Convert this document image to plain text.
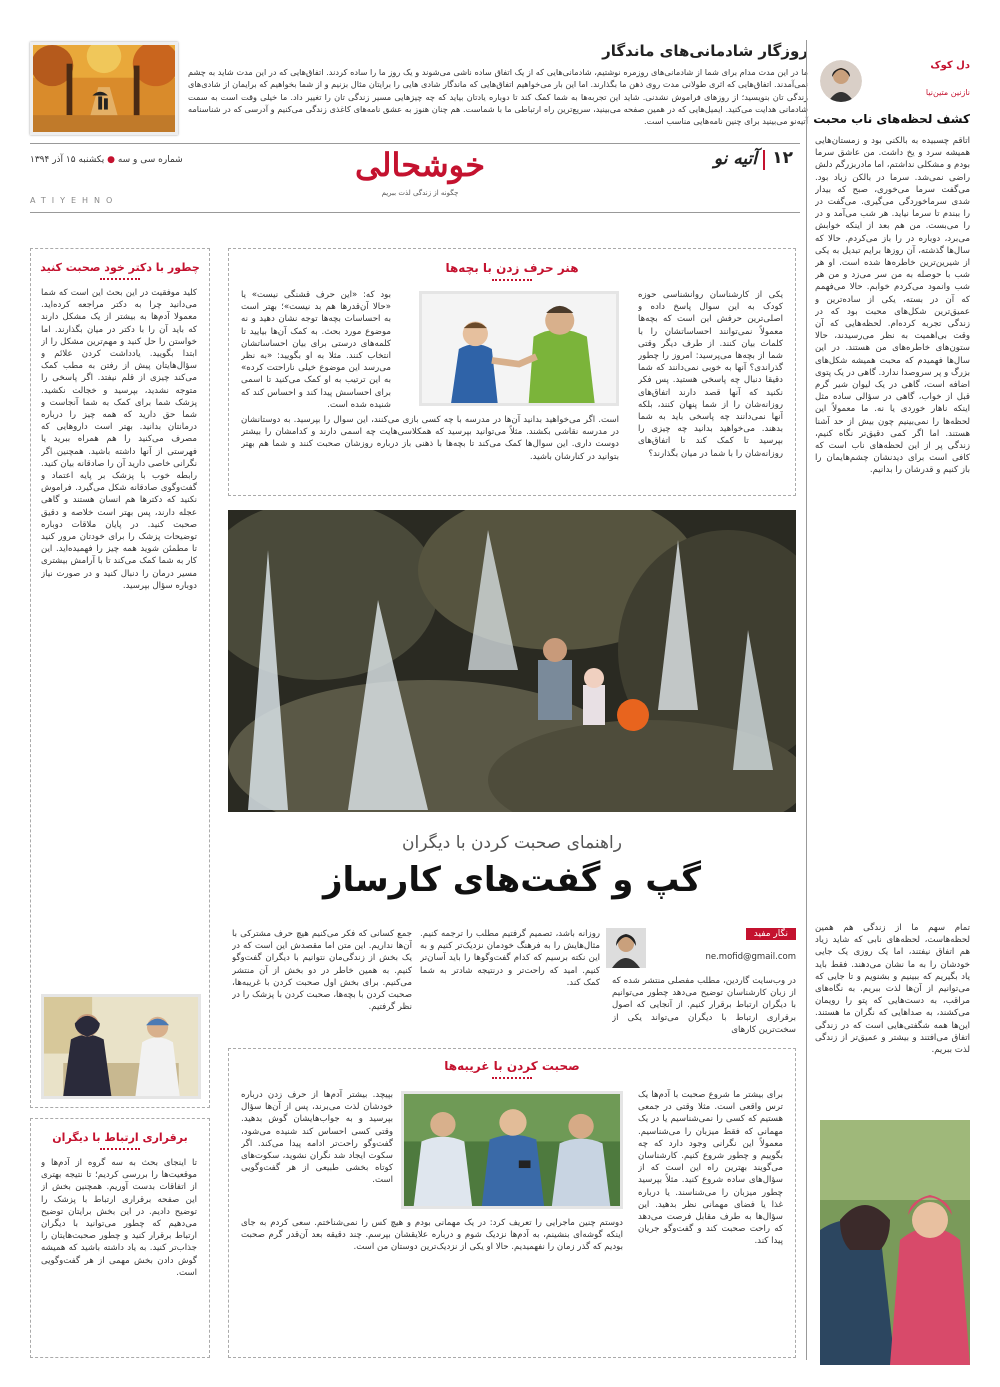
روزگار شادمانی‌های ماندگار
ما در این مدت مدام برای شما از شادمانی‌های روزمره نوشتیم، شادمانی‌هایی که از یک اتفاق ساده ناشی می‌شوند و یک روز ما را ساده کردند. اتفاق‌هایی که در این مدت شاید به چشم نمی‌آمدند. اتفاق‌هایی که اثری طولانی مدت روی ذهن ما بگذارند. اما این بار می‌خواهیم اتفاق‌هایی که ماندگار شادی هایی را برایتان مثال بزنیم و از شما بخواهیم که برایمان از شادی‌های زندگی تان بنویسید؛ از روزهای فراموش نشدنی. شاید این تجربه‌ها به شما کمک کند تا دوباره یادتان بیاید که چه چیزهایی مسیر زندگی تان را تغییر داد. ما خیلی وقت است به سمت شادمانی هدایت می‌کنید. ایمیل‌هایی که در همین صفحه می‌بینید، سریع‌ترین راه ارتباطی ما با شماست. هم چنان هنوز به عشق نامه‌های کاغذی زندگی می‌کنیم و آدرسی که در شناسنامه آتیه‌نو می‌بینید برای چنین نامه‌هایی مناسب است.
دل کوک
نازنین متین‌نیا
کشف لحظه‌های ناب محبت
۱۲
آتیه نو
خوشحالی
چگونه از زندگی لذت ببریم
شماره سی و سه ● یکشنبه ۱۵ آذر ۱۳۹۴
ATIYEHNO
اتاقم چسبیده به بالکنی بود و زمستان‌هایی همیشه سرد و یخ داشت. من عاشق سرما بودم و مشکلی نداشتم، اما مادربزرگم دلش راضی نمی‌شد. سرما در بالکن زیاد بود. می‌گفت سرما می‌خوری، صبح که بیدار شدی سرماخوردگی می‌گیری. می‌گفت در را ببندم تا سرما نیاید. هر شب می‌آمد و در را می‌بست. من هم بعد از اینکه خوابش می‌برد، دوباره در را باز می‌کردم. حالا که سال‌ها گذشته، آن روزها برایم تبدیل به یکی از شیرین‌ترین خاطره‌ها شده است. او هر شب با حوصله به من سر می‌زد و من هر شب وانمود می‌کردم خوابم. حالا می‌فهمم که آن در بسته، یکی از ساده‌ترین و عمیق‌ترین شکل‌های محبت بود که در زندگی تجربه کرده‌ام. لحظه‌هایی که آن وقت بی‌اهمیت به نظر می‌رسیدند، حالا ستون‌های خاطره‌های من هستند. در این سال‌ها فهمیدم که محبت همیشه شکل‌های بزرگ و پر سروصدا ندارد. گاهی در یک پتوی اضافه است، گاهی در یک لیوان شیر گرم قبل از خواب، گاهی در سؤالی ساده مثل اینکه ناهار خوردی یا نه. ما معمولاً این لحظه‌ها را نمی‌بینیم چون بیش از حد آشنا هستند. اما اگر کمی دقیق‌تر نگاه کنیم، زندگی پر از این لحظه‌های ناب است که کافی است برای دیدنشان چشم‌هایمان را باز کنیم و قدرشان را بدانیم.
تمام سهم ما از زندگی هم همین لحظه‌هاست، لحظه‌های نابی که شاید زیاد هم اتفاق نیفتند، اما یک روزی یک جایی خودشان را به ما نشان می‌دهند. فقط باید یاد بگیریم که ببینیم و بشنویم و تا جایی که می‌توانیم از آن‌ها لذت ببریم. به نگاه‌های مراقب، به دست‌هایی که پتو را رویمان می‌کشند، به صداهایی که نگران ما هستند. این‌ها همه شگفتی‌هایی است که در زندگی اتفاق می‌افتند و بیشتر و عمیق‌تر از زندگی لذت ببریم.
هنر حرف زدن با بچه‌ها
یکی از کارشناسان روانشناسی حوزه کودک به این سوال پاسخ داده و اصلی‌ترین حرفش این است که بچه‌ها معمولاً نمی‌توانند احساساتشان را با کلمات بیان کنند. از طرف دیگر وقتی شما از بچه‌ها می‌پرسید: امروز را چطور گذراندی؟ آنها به خوبی نمی‌دانند که شما دقیقا دنبال چه پاسخی هستید. پس فکر نکنید که آنها قصد دارند اتفاق‌های روزانه‌شان را از شما پنهان کنند، بلکه آنها نمی‌دانند چه پاسخی باید به شما بدهند. می‌خواهید بدانید چه چیزی را بپرسید تا کمک کند تا اتفاق‌های روزانه‌شان را با شما در میان بگذارند؟
بود که: «این حرف قشنگی نیست» یا «حالا آن‌قدرها هم بد نیست»؛ بهتر است به احساسات بچه‌ها توجه نشان دهید و نه موضوع مورد بحث. به کمک آن‌ها بیایید تا کلمه‌های درستی برای بیان احساساتشان انتخاب کنند. مثلا به او بگویید: «به نظر می‌رسد این موضوع خیلی ناراحتت کرده» به این ترتیب به او کمک می‌کنید تا اسمی برای احساسش پیدا کند و احساس کند که شنیده شده است.
است. اگر می‌خواهید بدانید آن‌ها در مدرسه با چه کسی بازی می‌کنند، این سوال را بپرسید. به دوستانشان در مدرسه نقاشی بکشند. مثلاً می‌توانید بپرسید که همکلاسی‌هایت چه اسمی دارند و کدامشان را بیشتر دوست داری. این سوال‌ها کمک می‌کند تا بچه‌ها با ذهنی باز درباره روزشان صحبت کنند و شما هم بهتر بتوانید در کنارشان باشید.
راهنمای صحبت کردن با دیگران
گپ و گفت‌های کارساز
نگار مفید
ne.mofid@gmail.com
در وب‌سایت گاردین، مطلب مفصلی منتشر شده که از زبان کارشناسان توضیح می‌دهد چطور می‌توانیم با دیگران ارتباط برقرار کنیم. از آنجایی که اصول برقراری ارتباط با دیگران می‌تواند یکی از سخت‌ترین کارهای
روزانه باشد، تصمیم گرفتیم مطلب را ترجمه کنیم. مثال‌هایش را به فرهنگ خودمان نزدیک‌تر کنیم و به این نکته برسیم که کدام گفت‌وگوها را باید آسان‌تر کنیم. امید که راحت‌تر و درنتیجه شادتر به شما کمک کند.
جمع کسانی که فکر می‌کنیم هیچ حرف مشترکی با آن‌ها نداریم. این متن اما مقصد‌ش این است که در یک بخش از زندگی‌مان نتوانیم با دیگران گفت‌وگو کنیم. به همین خاطر در دو بخش از آن منتشر می‌کنیم. برای بخش اول صحبت کردن با غریبه‌ها، صحبت کردن با بچه‌ها، صحبت کردن با پزشک را در نظر گرفتیم.
صحبت کردن با غریبه‌ها
برای بیشتر ما شروع صحبت با آدم‌ها یک ترس واقعی است. مثلا وقتی در جمعی هستیم که کسی را نمی‌شناسیم یا در یک مهمانی که فقط میزبان را می‌شناسیم. معمولاً این نگرانی وجود دارد که چه بگوییم و چطور شروع کنیم. کارشناسان می‌گویند بهترین راه این است که از سؤال‌های ساده شروع کنید. مثلاً بپرسید چطور میزبان را می‌شناسند. یا درباره غذا یا فضای مهمانی نظر بدهید. این سؤال‌ها به طرف مقابل فرصت می‌دهد که راحت صحبت کند و گفت‌وگو جریان پیدا کند.
بپیچد. بیشتر آدم‌ها از حرف زدن درباره خودشان لذت می‌برند، پس از آن‌ها سؤال بپرسید و به جواب‌هایشان گوش بدهید. وقتی کسی احساس کند شنیده می‌شود، گفت‌وگو راحت‌تر ادامه پیدا می‌کند. اگر سکوت ایجاد شد نگران نشوید، سکوت‌های کوتاه بخشی طبیعی از هر گفت‌وگویی است.
دوستم چنین ماجرایی را تعریف کرد: در یک مهمانی بودم و هیچ کس را نمی‌شناختم. سعی کردم به جای اینکه گوشه‌ای بنشینم، به آدم‌ها نزدیک شوم و درباره علایقشان بپرسم. چند دقیقه بعد آن‌قدر گرم صحبت بودیم که گذر زمان را نفهمیدیم. حالا او یکی از نزدیک‌ترین دوستان من است.
چطور با دکتر خود صحبت کنید
کلید موفقیت در این بحث این است که شما می‌دانید چرا به دکتر مراجعه کرده‌اید. معمولا آدم‌ها به بیشتر از یک مشکل دارند که باید آن را با دکتر در میان بگذارند. اما خواستن را حل کنید و مهم‌ترین مشکل را از ابتدا بگویید. یادداشت کردن علائم و سؤال‌هایتان پیش از رفتن به مطب کمک می‌کند چیزی از قلم نیفتد. اگر پاسخی را متوجه نشدید، بپرسید و خجالت نکشید. پزشک شما برای کمک به شما آنجاست و شما حق دارید که همه چیز را درباره درمانتان بدانید. بهتر است دارو‌هایی که مصرف می‌کنید را هم همراه ببرید یا فهرستی از آنها داشته باشید. همچنین اگر نگرانی خاصی دارید آن را صادقانه بیان کنید. رابطه خوب با پزشک بر پایه اعتماد و گفت‌وگوی صادقانه شکل می‌گیرد. فراموش نکنید که دکترها هم انسان هستند و گاهی عجله دارند، پس بهتر است خلاصه و دقیق صحبت کنید. در پایان ملاقات دوباره توضیحات پزشک را برای خودتان مرور کنید تا مطمئن شوید همه چیز را فهمیده‌اید. این کار به شما کمک می‌کند تا با آرامش بیشتری مسیر درمان را دنبال کنید و در صورت نیاز دوباره سؤال بپرسید.
برقراری ارتباط با دیگران
تا اینجای بحث به سه گروه از آدم‌ها و موقعیت‌ها را بررسی کردیم؛ تا نتیجه بهتری از اتفاقات بدست آوریم. همچنین بخش از این صفحه برقراری ارتباط با پزشک را توضیح دادیم. در این بخش برایتان توضیح می‌دهیم که چطور می‌توانید با دیگران ارتباط برقرار کنید و چطور صحبت‌هایتان را جذاب‌تر کنید. به یاد داشته باشید که همیشه گوش دادن بخش مهمی از هر گفت‌وگویی است.
